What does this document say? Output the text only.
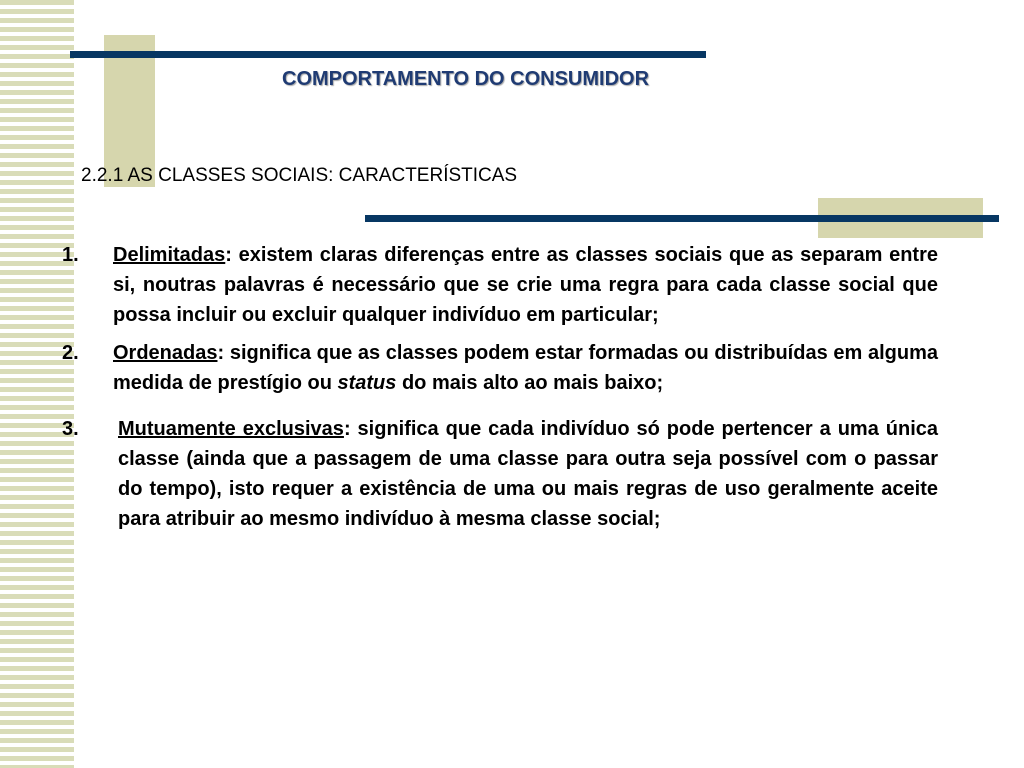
COMPORTAMENTO DO CONSUMIDOR
2.2.1 AS CLASSES SOCIAIS: CARACTERÍSTICAS
1. Delimitadas: existem claras diferenças entre as classes sociais que as separam entre si, noutras palavras é necessário que se crie uma regra para cada classe social que possa incluir ou excluir qualquer indivíduo em particular;
2. Ordenadas: significa que as classes podem estar formadas ou distribuídas em alguma medida de prestígio ou status do mais alto ao mais baixo;
3. Mutuamente exclusivas: significa que cada indivíduo só pode pertencer a uma única classe (ainda que a passagem de uma classe para outra seja possível com o passar do tempo), isto requer a existência de uma ou mais regras de uso geralmente aceite para atribuir ao mesmo indivíduo à mesma classe social;
